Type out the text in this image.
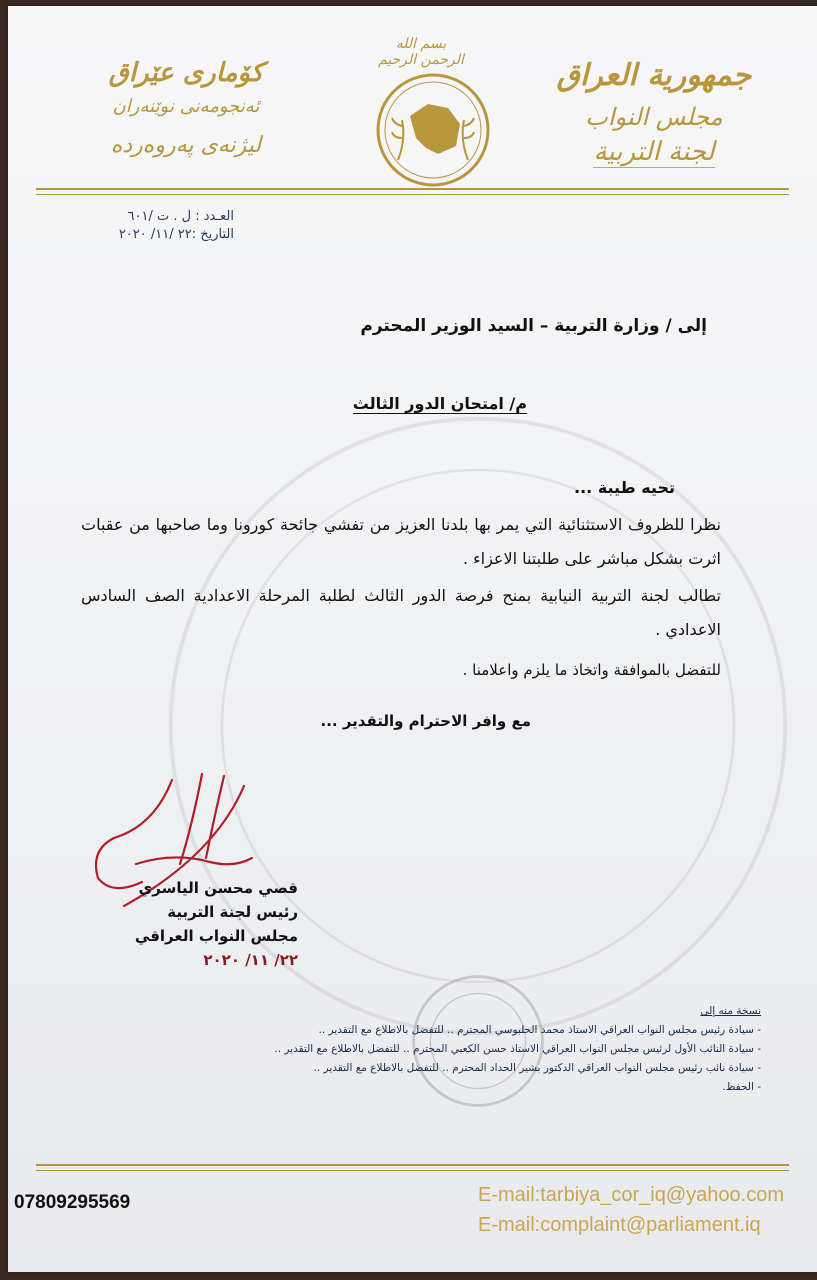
جمهورية العراق
مجلس النواب
لجنة التربية
بسم الله الرحمن الرحيم
كۆماری عێراق
ئەنجومەنی نوێنەران
لیژنەی پەروەردە
العـدد : ل . ت /٦٠١
التاريخ :٢٢ /١١/ ٢٠٢٠
إلى / وزارة التربية – السيد الوزير المحترم
م/ امتحان الدور الثالث
تحيه طيبة ...
نظرا للظروف الاستثنائية التي يمر بها بلدنا العزيز من تفشي جائحة كورونا وما صاحبها من عقبات اثرت بشكل مباشر على طلبتنا الاعزاء .
تطالب لجنة التربية النيابية بمنح فرصة الدور الثالث لطلبة المرحلة الاعدادية الصف السادس الاعدادي .
للتفضل بالموافقة واتخاذ ما يلزم واعلامنا .
مع وافر الاحترام والتقدير ...
قصي محسن الياسري
رئيس لجنة التربية
مجلس النواب العراقي
٢٢/ ١١/ ٢٠٢٠
نسخة منه إلى
- سيادة رئيس مجلس النواب العراقي الاستاذ محمد الحلبوسي المحترم .. للتفضل بالاطلاع مع التقدير ..
- سيادة النائب الأول لرئيس مجلس النواب العراقي الاستاذ حسن الكعبي المحترم .. للتفضل بالاطلاع مع التقدير ..
- سيادة نائب رئيس مجلس النواب العراقي الدكتور بشير الحداد المحترم .. للتفضل بالاطلاع مع التقدير ..
- الحفظ.
07809295569	E-mail:tarbiya_cor_iq@yahoo.com
E-mail:complaint@parliament.iq
